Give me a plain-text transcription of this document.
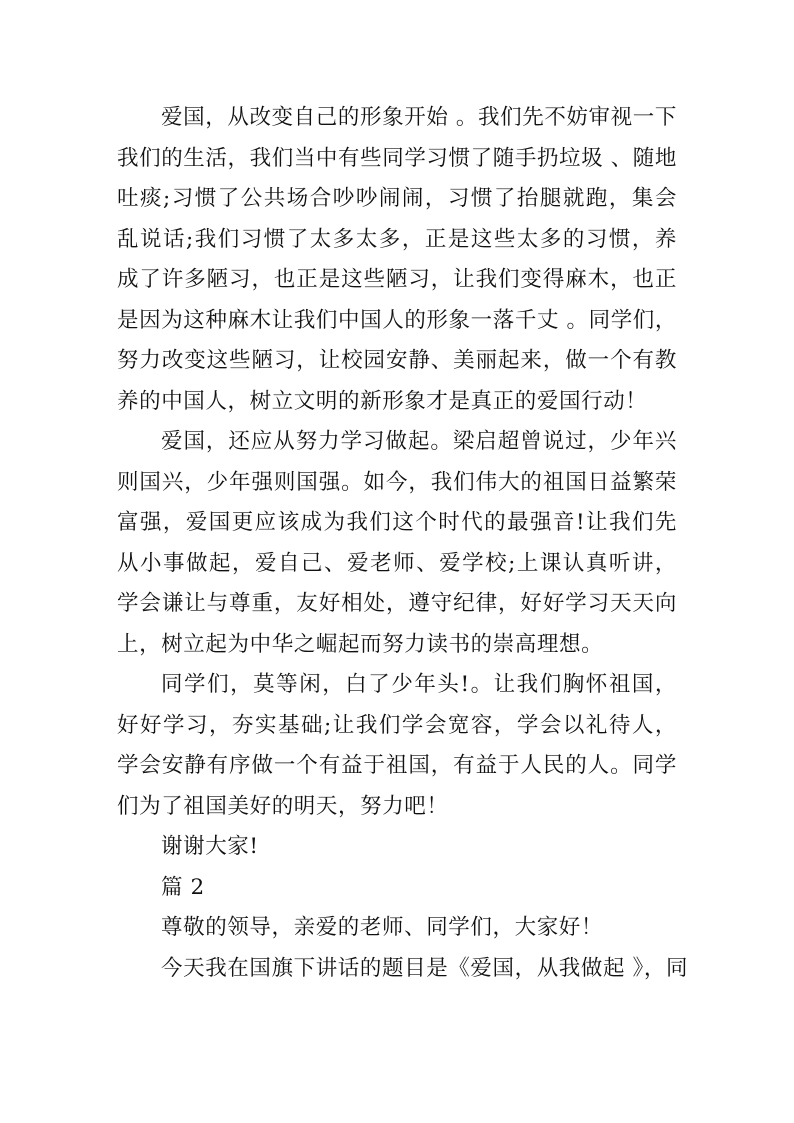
爱国，从改变自己的形象开始 。我们先不妨审视一下我们的生活，我们当中有些同学习惯了随手扔垃圾 、随地吐痰;习惯了公共场合吵吵闹闹，习惯了抬腿就跑，集会乱说话;我们习惯了太多太多，正是这些太多的习惯，养成了许多陋习，也正是这些陋习，让我们变得麻木，也正是因为这种麻木让我们中国人的形象一落千丈 。同学们，努力改变这些陋习，让校园安静、美丽起来，做一个有教养的中国人，树立文明的新形象才是真正的爱国行动！

爱国，还应从努力学习做起。梁启超曾说过，少年兴则国兴，少年强则国强。如今，我们伟大的祖国日益繁荣富强，爱国更应该成为我们这个时代的最强音!让我们先从小事做起，爱自己、爱老师、爱学校;上课认真听讲，学会谦让与尊重，友好相处，遵守纪律，好好学习天天向上，树立起为中华之崛起而努力读书的崇高理想。

同学们，莫等闲，白了少年头!。让我们胸怀祖国，好好学习，夯实基础;让我们学会宽容，学会以礼待人，学会安静有序做一个有益于祖国，有益于人民的人。同学们为了祖国美好的明天，努力吧！

谢谢大家!

篇 2

尊敬的领导，亲爱的老师、同学们，大家好！

今天我在国旗下讲话的题目是《爱国，从我做起 》，同
